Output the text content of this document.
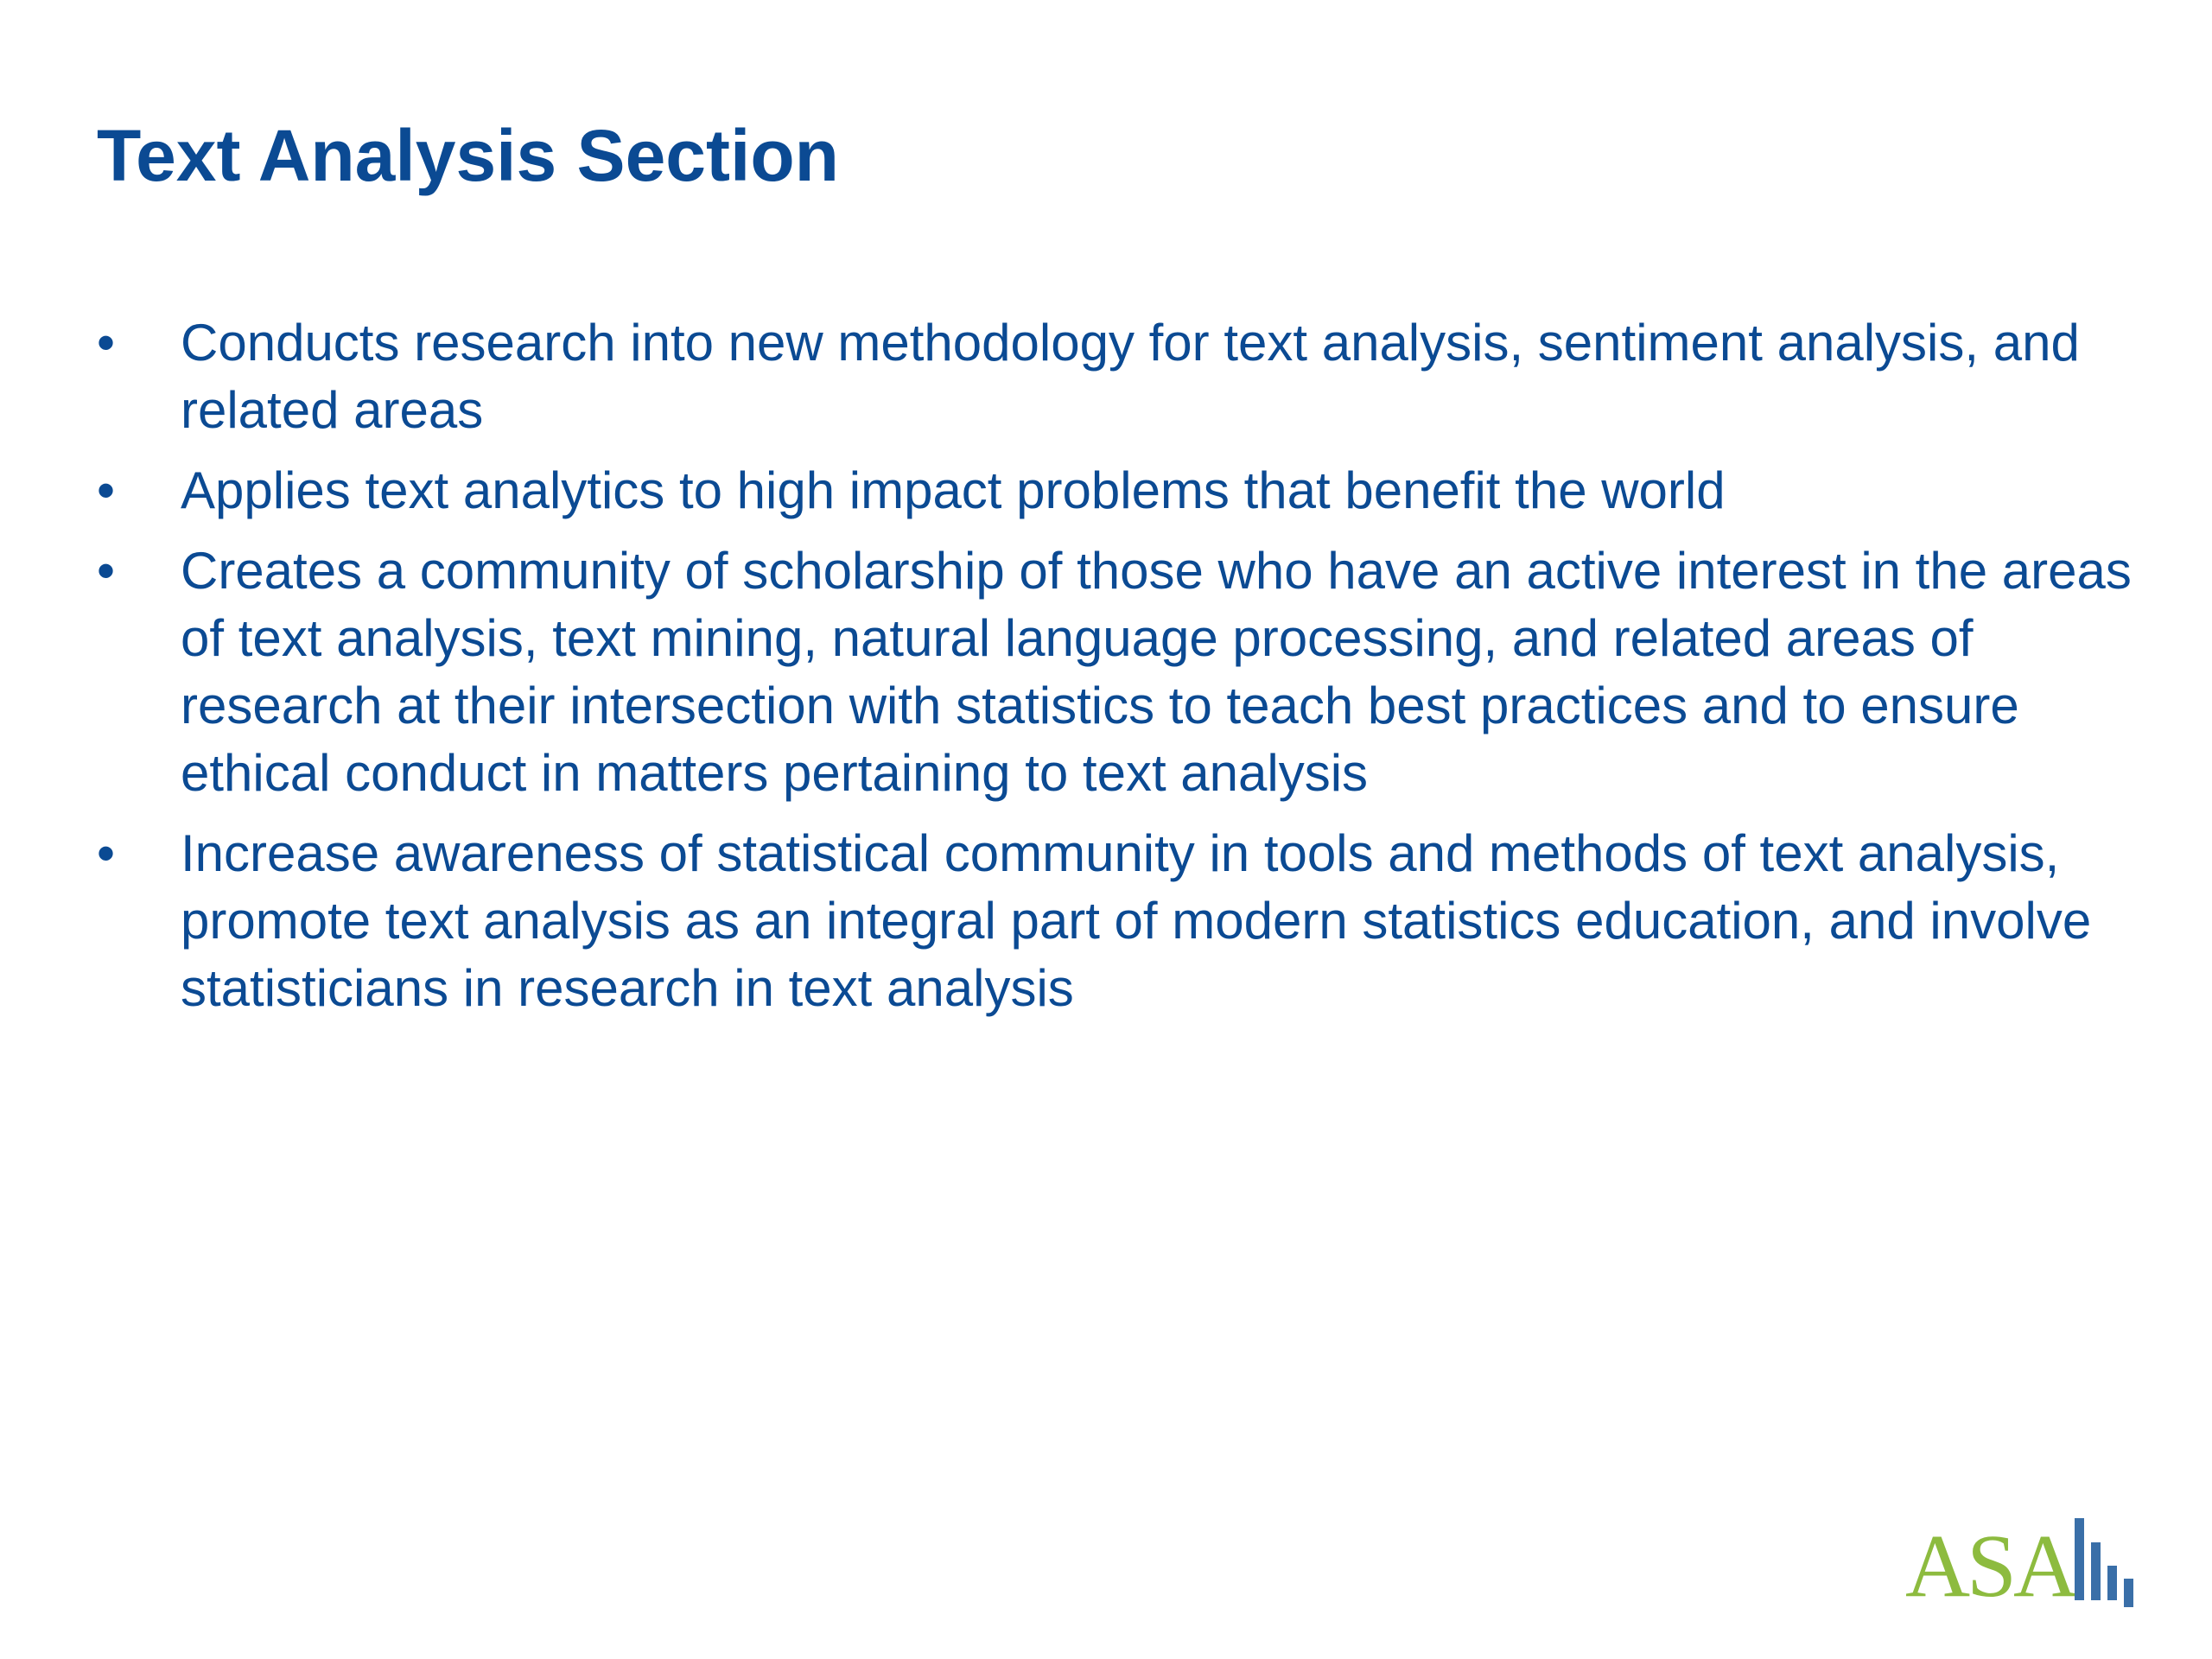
Text Analysis Section
• Conducts research into new methodology for text analysis, sentiment analysis, and related areas
• Applies text analytics to high impact problems that benefit the world
• Creates a community of scholarship of those who have an active interest in the areas of text analysis, text mining, natural language processing, and related areas of research at their intersection with statistics to teach best practices and to ensure ethical conduct in matters pertaining to text analysis
• Increase awareness of statistical community in tools and methods of text analysis, promote text analysis as an integral part of modern statistics education, and involve statisticians in research in text analysis
ASA
